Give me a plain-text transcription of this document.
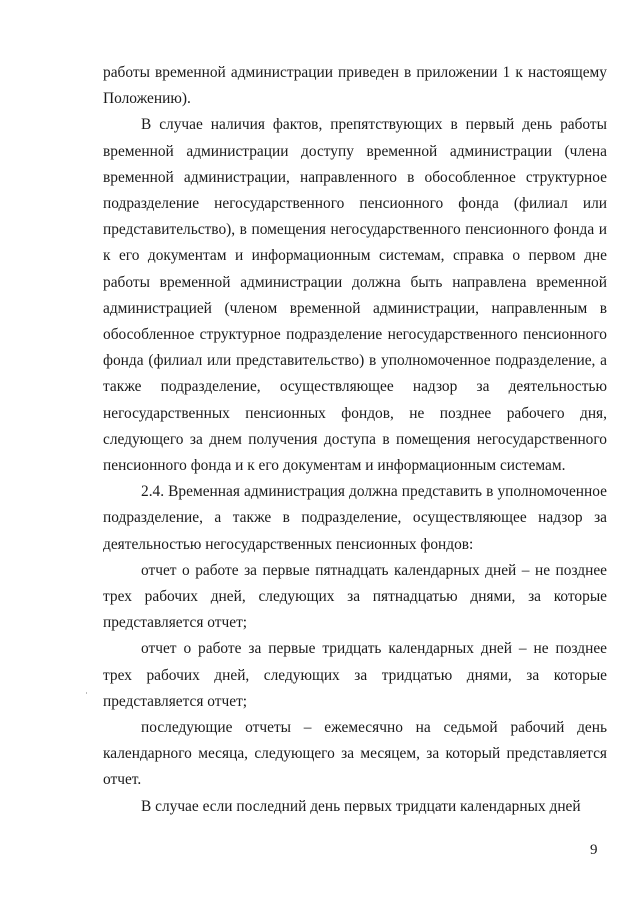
работы временной администрации приведен в приложении 1 к настоящему Положению).

В случае наличия фактов, препятствующих в первый день работы временной администрации доступу временной администрации (члена временной администрации, направленного в обособленное структурное подразделение негосударственного пенсионного фонда (филиал или представительство), в помещения негосударственного пенсионного фонда и к его документам и информационным системам, справка о первом дне работы временной администрации должна быть направлена временной администрацией (членом временной администрации, направленным в обособленное структурное подразделение негосударственного пенсионного фонда (филиал или представительство) в уполномоченное подразделение, а также подразделение, осуществляющее надзор за деятельностью негосударственных пенсионных фондов, не позднее рабочего дня, следующего за днем получения доступа в помещения негосударственного пенсионного фонда и к его документам и информационным системам.

2.4. Временная администрация должна представить в уполномоченное подразделение, а также в подразделение, осуществляющее надзор за деятельностью негосударственных пенсионных фондов:

отчет о работе за первые пятнадцать календарных дней – не позднее трех рабочих дней, следующих за пятнадцатью днями, за которые представляется отчет;

отчет о работе за первые тридцать календарных дней – не позднее трех рабочих дней, следующих за тридцатью днями, за которые представляется отчет;

последующие отчеты – ежемесячно на седьмой рабочий день календарного месяца, следующего за месяцем, за который представляется отчет.

В случае если последний день первых тридцати календарных дней

9
